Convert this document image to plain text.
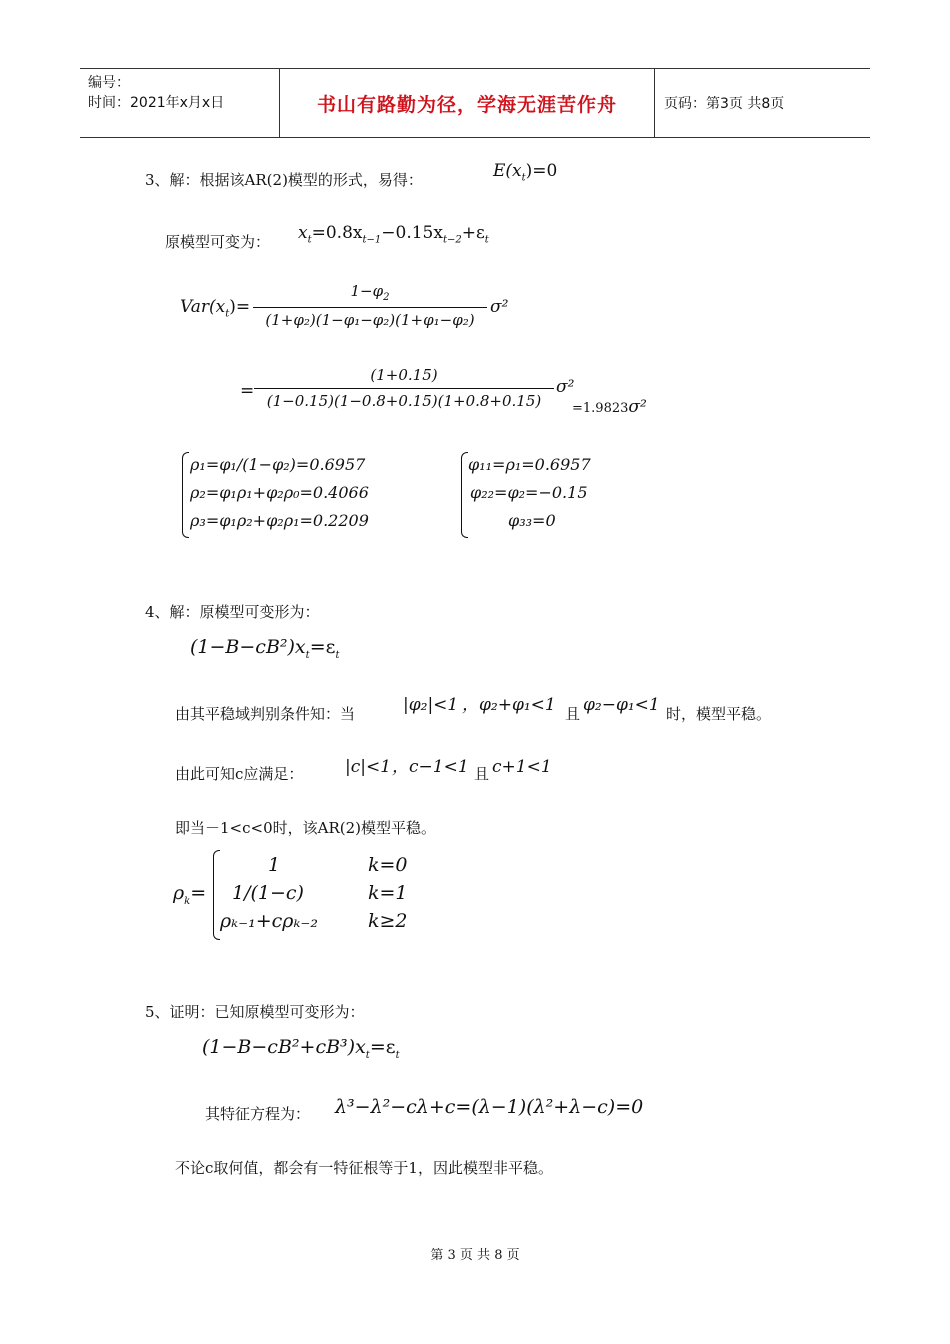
编号：
时间：2021年x月x日	书山有路勤为径，学海无涯苦作舟	页码：第3页 共8页
3、解：根据该AR(2)模型的形式，易得：	$E(x_t)=0$
原模型可变为： $x_t=0.8x_{t-1}-0.15x_{t-2}+\varepsilon_t$
$Var(x_t)= \frac{1-\varphi_2}{\text{(1+φ₂)(1−φ₁−φ₂)(1+φ₁−φ₂)}} \sigma^2$
= $\frac{(1+0.15)}{(1-0.15)(1-0.8+0.15)(1+0.8+0.15)} \sigma^2$
=1.9823σ²
ρ₁=φ₁/(1−φ₂)=0.6957
ρ₂=φ₁ρ₁+φ₂ρ₀=0.4066
ρ₃=φ₁ρ₂+φ₂ρ₁=0.2209
φ₁₁=ρ₁=0.6957
φ₂₂=φ₂=−0.15
φ₃₃=0
4、解：原模型可变形为：
$(1-B-cB^2)x_t=\varepsilon_t$
由其平稳域判别条件知：当	|φ₂|<1 ，φ₂+φ₁<1 且 φ₂−φ₁<1 时，模型平稳。
由此可知c应满足： |c|<1 ，c−1<1 且 c+1<1
即当－1<c<0时，该AR(2)模型平稳。
$\rho_k=$
1	k=0
1/(1−c)	k=1
ρₖ₋₁+cρₖ₋₂	k≥2
5、证明：已知原模型可变形为：
$(1-B-cB^2+cB^3)x_t=\varepsilon_t$
其特征方程为： λ³−λ²−cλ+c=(λ−1)(λ²+λ−c)=0
不论c取何值，都会有一特征根等于1，因此模型非平稳。
第 3 页 共 8 页
